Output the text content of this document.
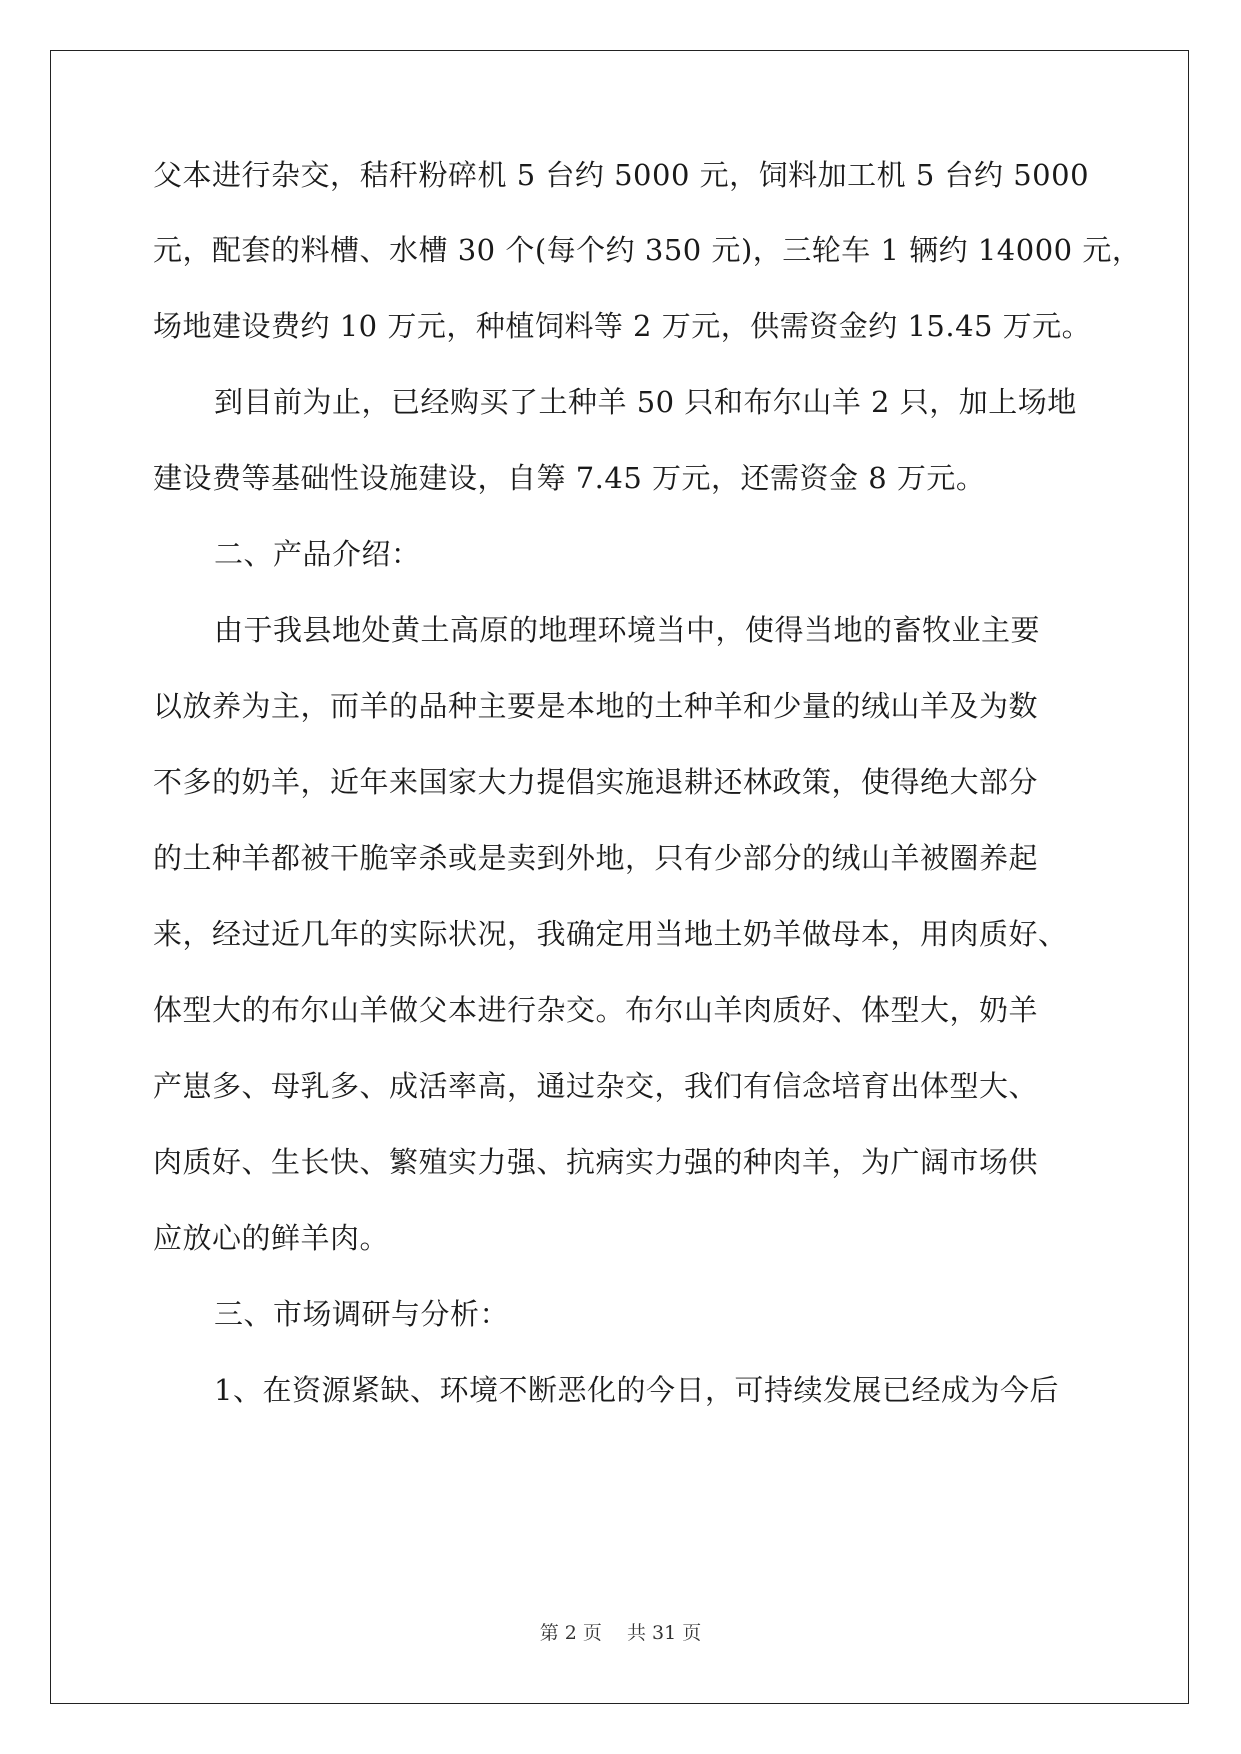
父本进行杂交，秸秆粉碎机 5 台约 5000 元，饲料加工机 5 台约 5000
元，配套的料槽、水槽 30 个(每个约 350 元)，三轮车 1 辆约 14000 元，
场地建设费约 10 万元，种植饲料等 2 万元，供需资金约 15.45 万元。
到目前为止，已经购买了土种羊 50 只和布尔山羊 2 只，加上场地
建设费等基础性设施建设，自筹 7.45 万元，还需资金 8 万元。
二、产品介绍：
由于我县地处黄土高原的地理环境当中，使得当地的畜牧业主要
以放养为主，而羊的品种主要是本地的土种羊和少量的绒山羊及为数
不多的奶羊，近年来国家大力提倡实施退耕还林政策，使得绝大部分
的土种羊都被干脆宰杀或是卖到外地，只有少部分的绒山羊被圈养起
来，经过近几年的实际状况，我确定用当地土奶羊做母本，用肉质好、
体型大的布尔山羊做父本进行杂交。布尔山羊肉质好、体型大，奶羊
产崽多、母乳多、成活率高，通过杂交，我们有信念培育出体型大、
肉质好、生长快、繁殖实力强、抗病实力强的种肉羊，为广阔市场供
应放心的鲜羊肉。
三、市场调研与分析：
1、在资源紧缺、环境不断恶化的今日，可持续发展已经成为今后
第 2 页　 共 31 页
